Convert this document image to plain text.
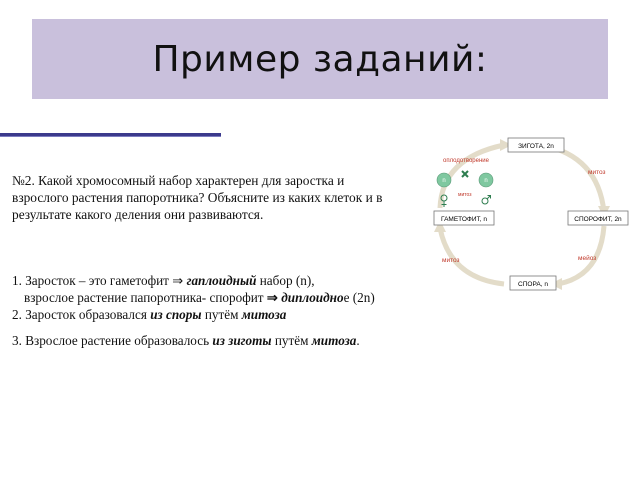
Пример заданий:
№2. Какой хромосомный набор характерен для заростка и взрослого растения папоротника? Объясните из каких клеток и в результате какого деления они развиваются.

1. Заросток – это гаметофит ⇒ гаплоидный набор (n),

взрослое растение папоротника- спорофит ⇒ диплоидное (2n)

2. Заросток образовался из споры путём митоза

3. Взрослое растение образовалось из зиготы путём митоза.

ЗИГОТА, 2n
ГАМЕТОФИТ, n	СПОРОФИТ, 2n
СПОРА, n
оплодотворение
митоз
мейоз
митоз
митоз
n	n
